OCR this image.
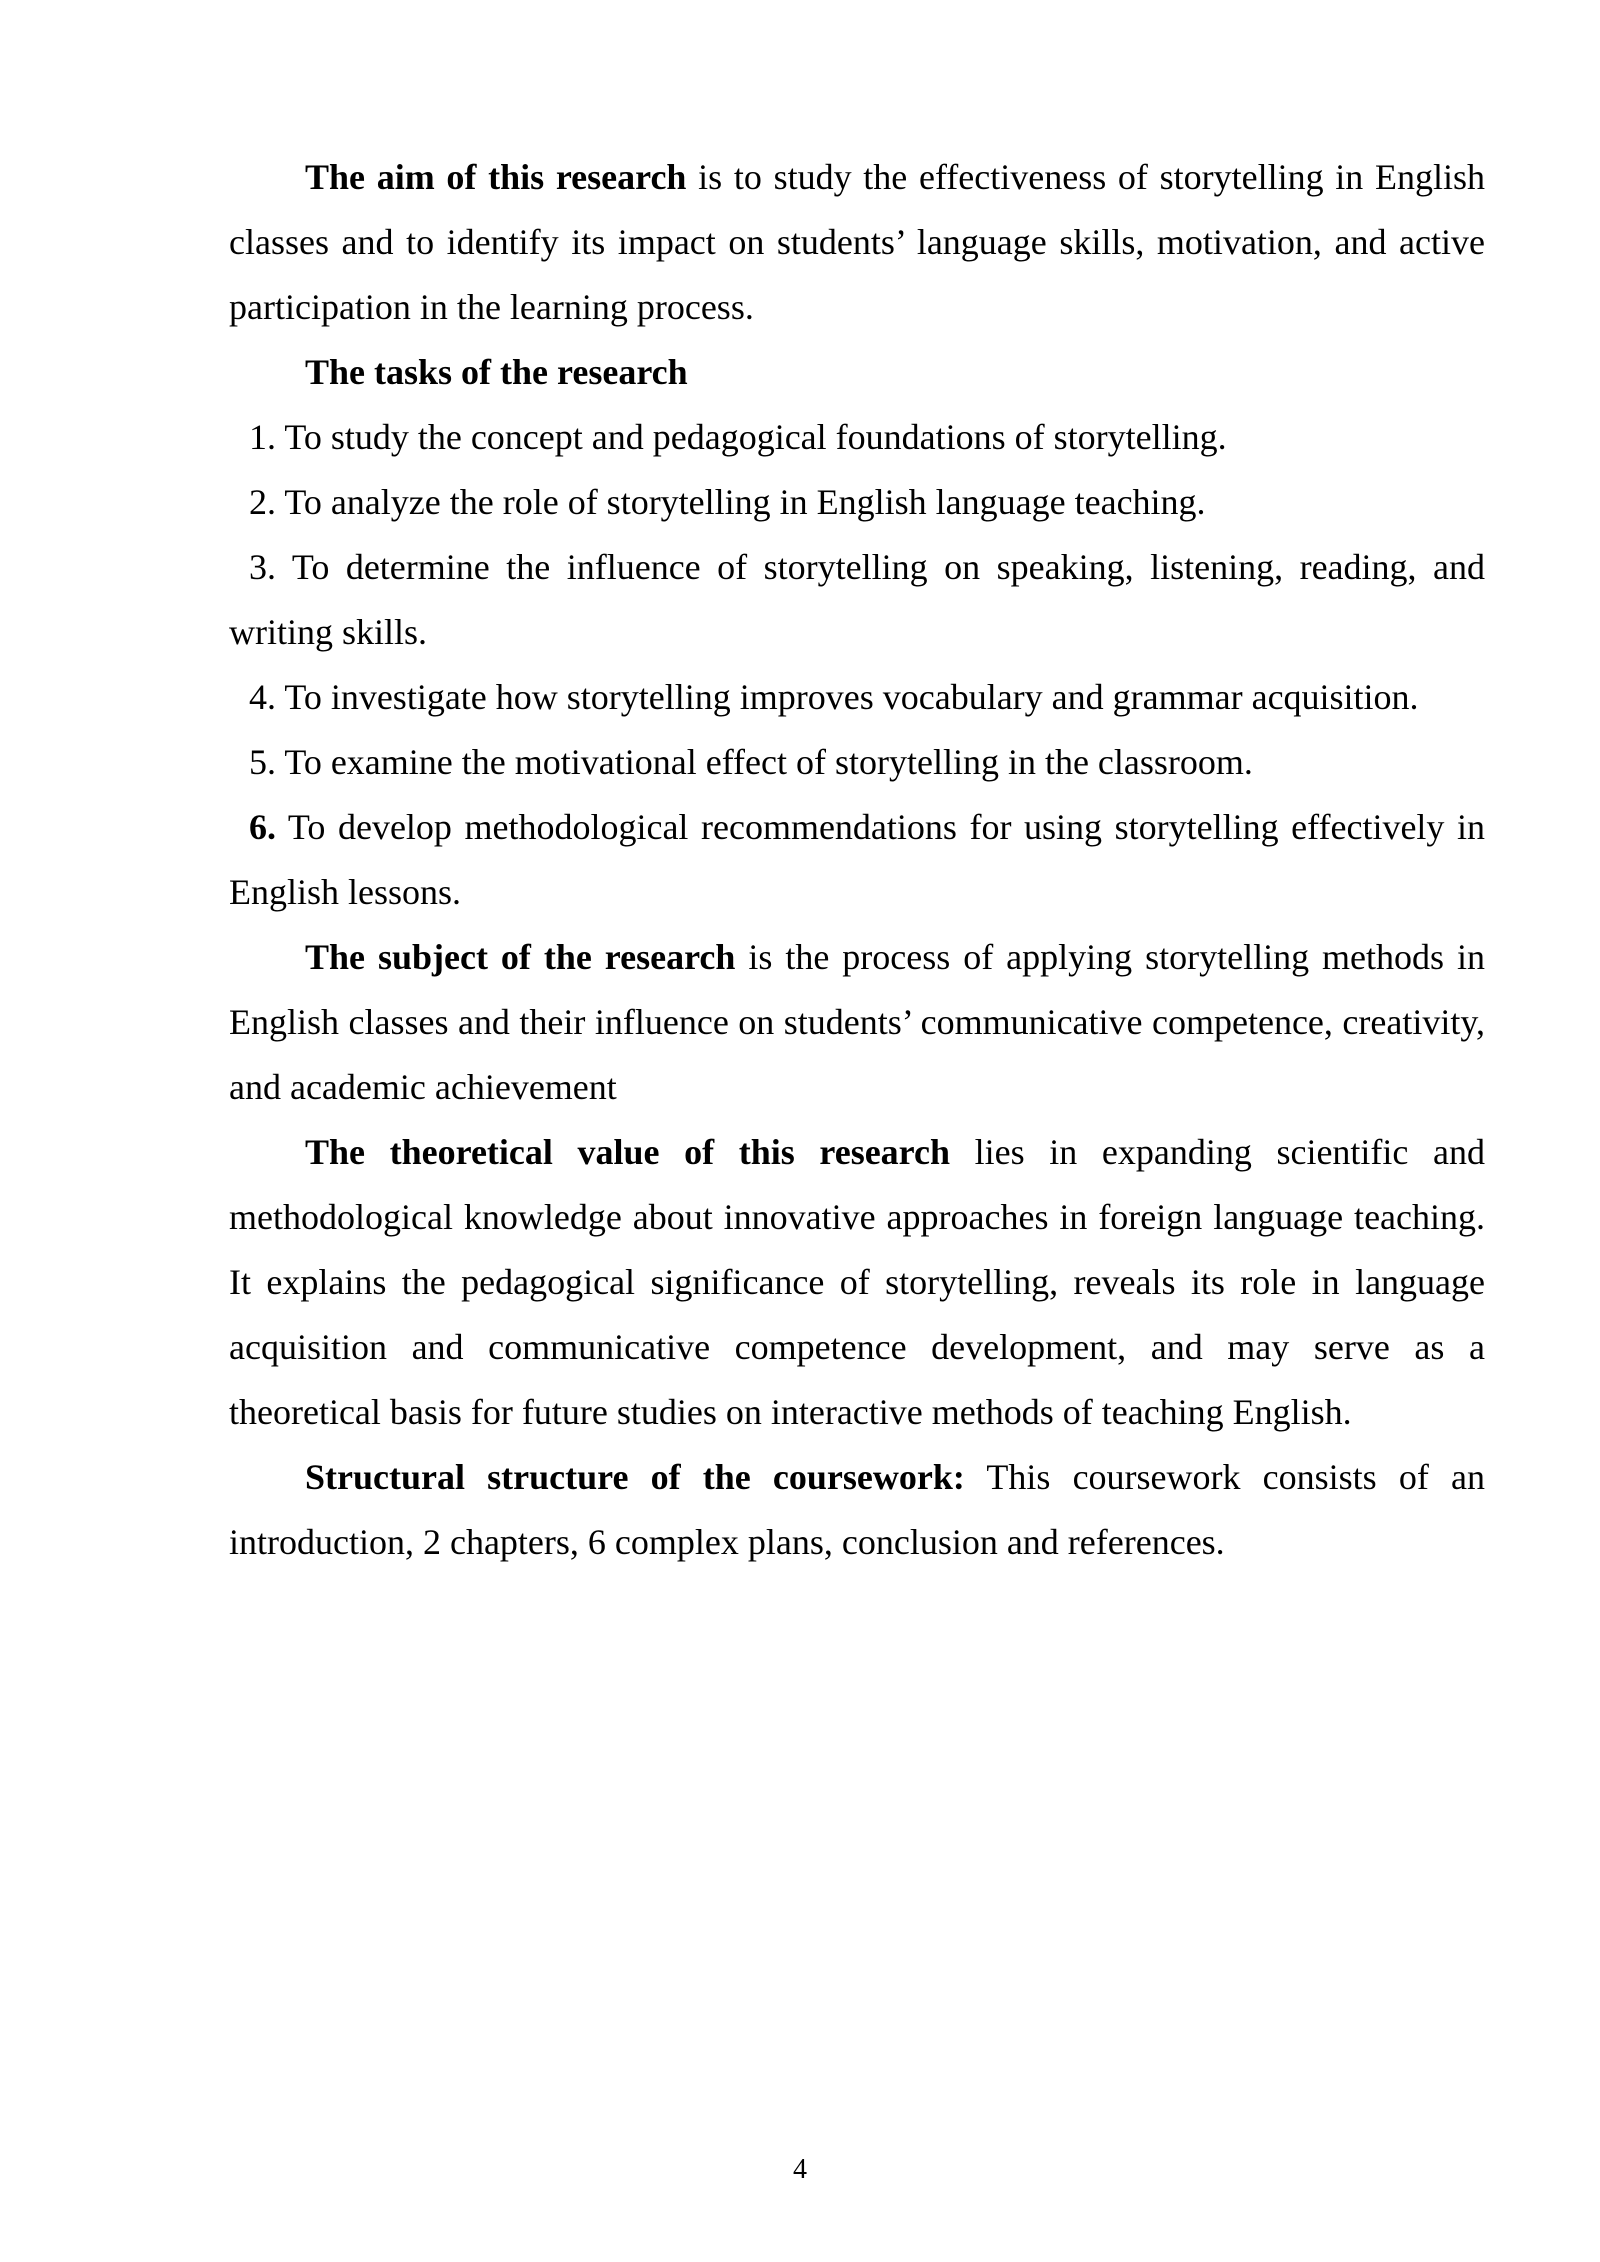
The aim of this research is to study the effectiveness of storytelling in English classes and to identify its impact on students’ language skills, motivation, and active participation in the learning process.

The tasks of the research

1. To study the concept and pedagogical foundations of storytelling.

2. To analyze the role of storytelling in English language teaching.

3. To determine the influence of storytelling on speaking, listening, reading, and writing skills.

4. To investigate how storytelling improves vocabulary and grammar acquisition.

5. To examine the motivational effect of storytelling in the classroom.

6. To develop methodological recommendations for using storytelling effectively in English lessons.

The subject of the research is the process of applying storytelling methods in English classes and their influence on students’ communicative competence, creativity, and academic achievement

The theoretical value of this research lies in expanding scientific and methodological knowledge about innovative approaches in foreign language teaching. It explains the pedagogical significance of storytelling, reveals its role in language acquisition and communicative competence development, and may serve as a theoretical basis for future studies on interactive methods of teaching English.

Structural structure of the coursework: This coursework consists of an introduction, 2 chapters, 6 complex plans, conclusion and references.

4
